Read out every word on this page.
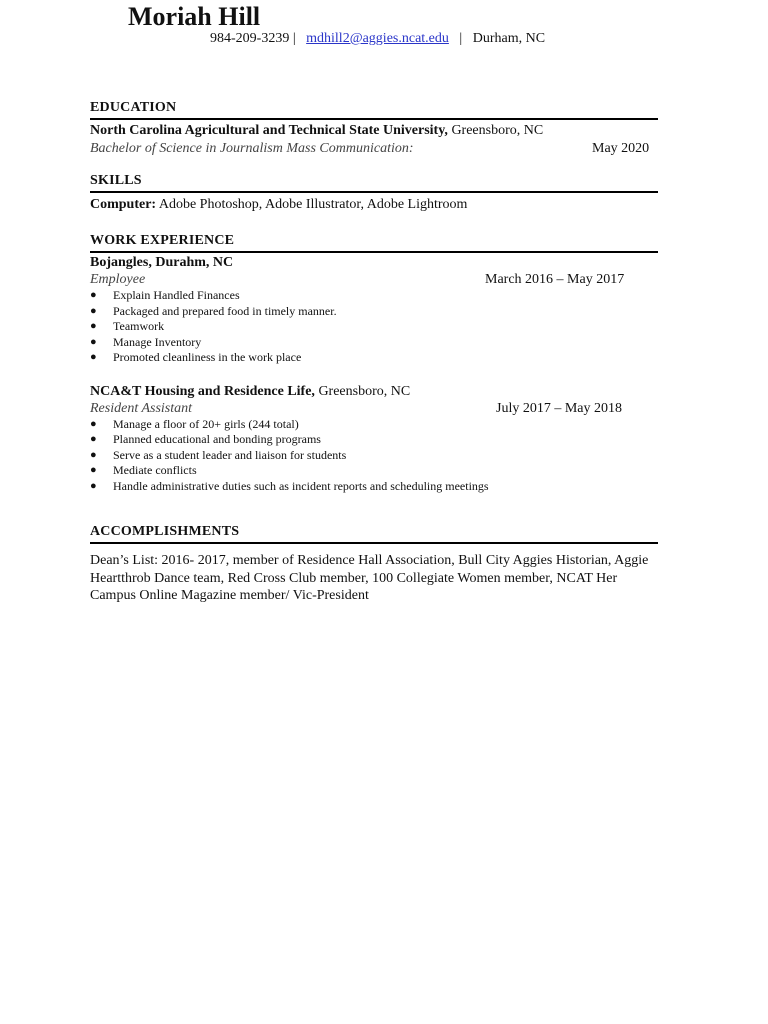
Moriah Hill
984-209-3239 | mdhill2@aggies.ncat.edu | Durham, NC
EDUCATION
North Carolina Agricultural and Technical State University, Greensboro, NC
Bachelor of Science in Journalism Mass Communication:	May 2020
SKILLS
Computer: Adobe Photoshop, Adobe Illustrator, Adobe Lightroom
WORK EXPERIENCE
Bojangles, Durahm, NC
Employee	March 2016 – May 2017
● Explain Handled Finances
● Packaged and prepared food in timely manner.
● Teamwork
● Manage Inventory
● Promoted cleanliness in the work place
NCA&T Housing and Residence Life, Greensboro, NC
Resident Assistant	July 2017 – May 2018
● Manage a floor of 20+ girls (244 total)
● Planned educational and bonding programs
● Serve as a student leader and liaison for students
● Mediate conflicts
● Handle administrative duties such as incident reports and scheduling meetings
ACCOMPLISHMENTS
Dean’s List: 2016- 2017, member of Residence Hall Association, Bull City Aggies Historian, Aggie Heartthrob Dance team, Red Cross Club member, 100 Collegiate Women member, NCAT Her Campus Online Magazine member/ Vic-President
